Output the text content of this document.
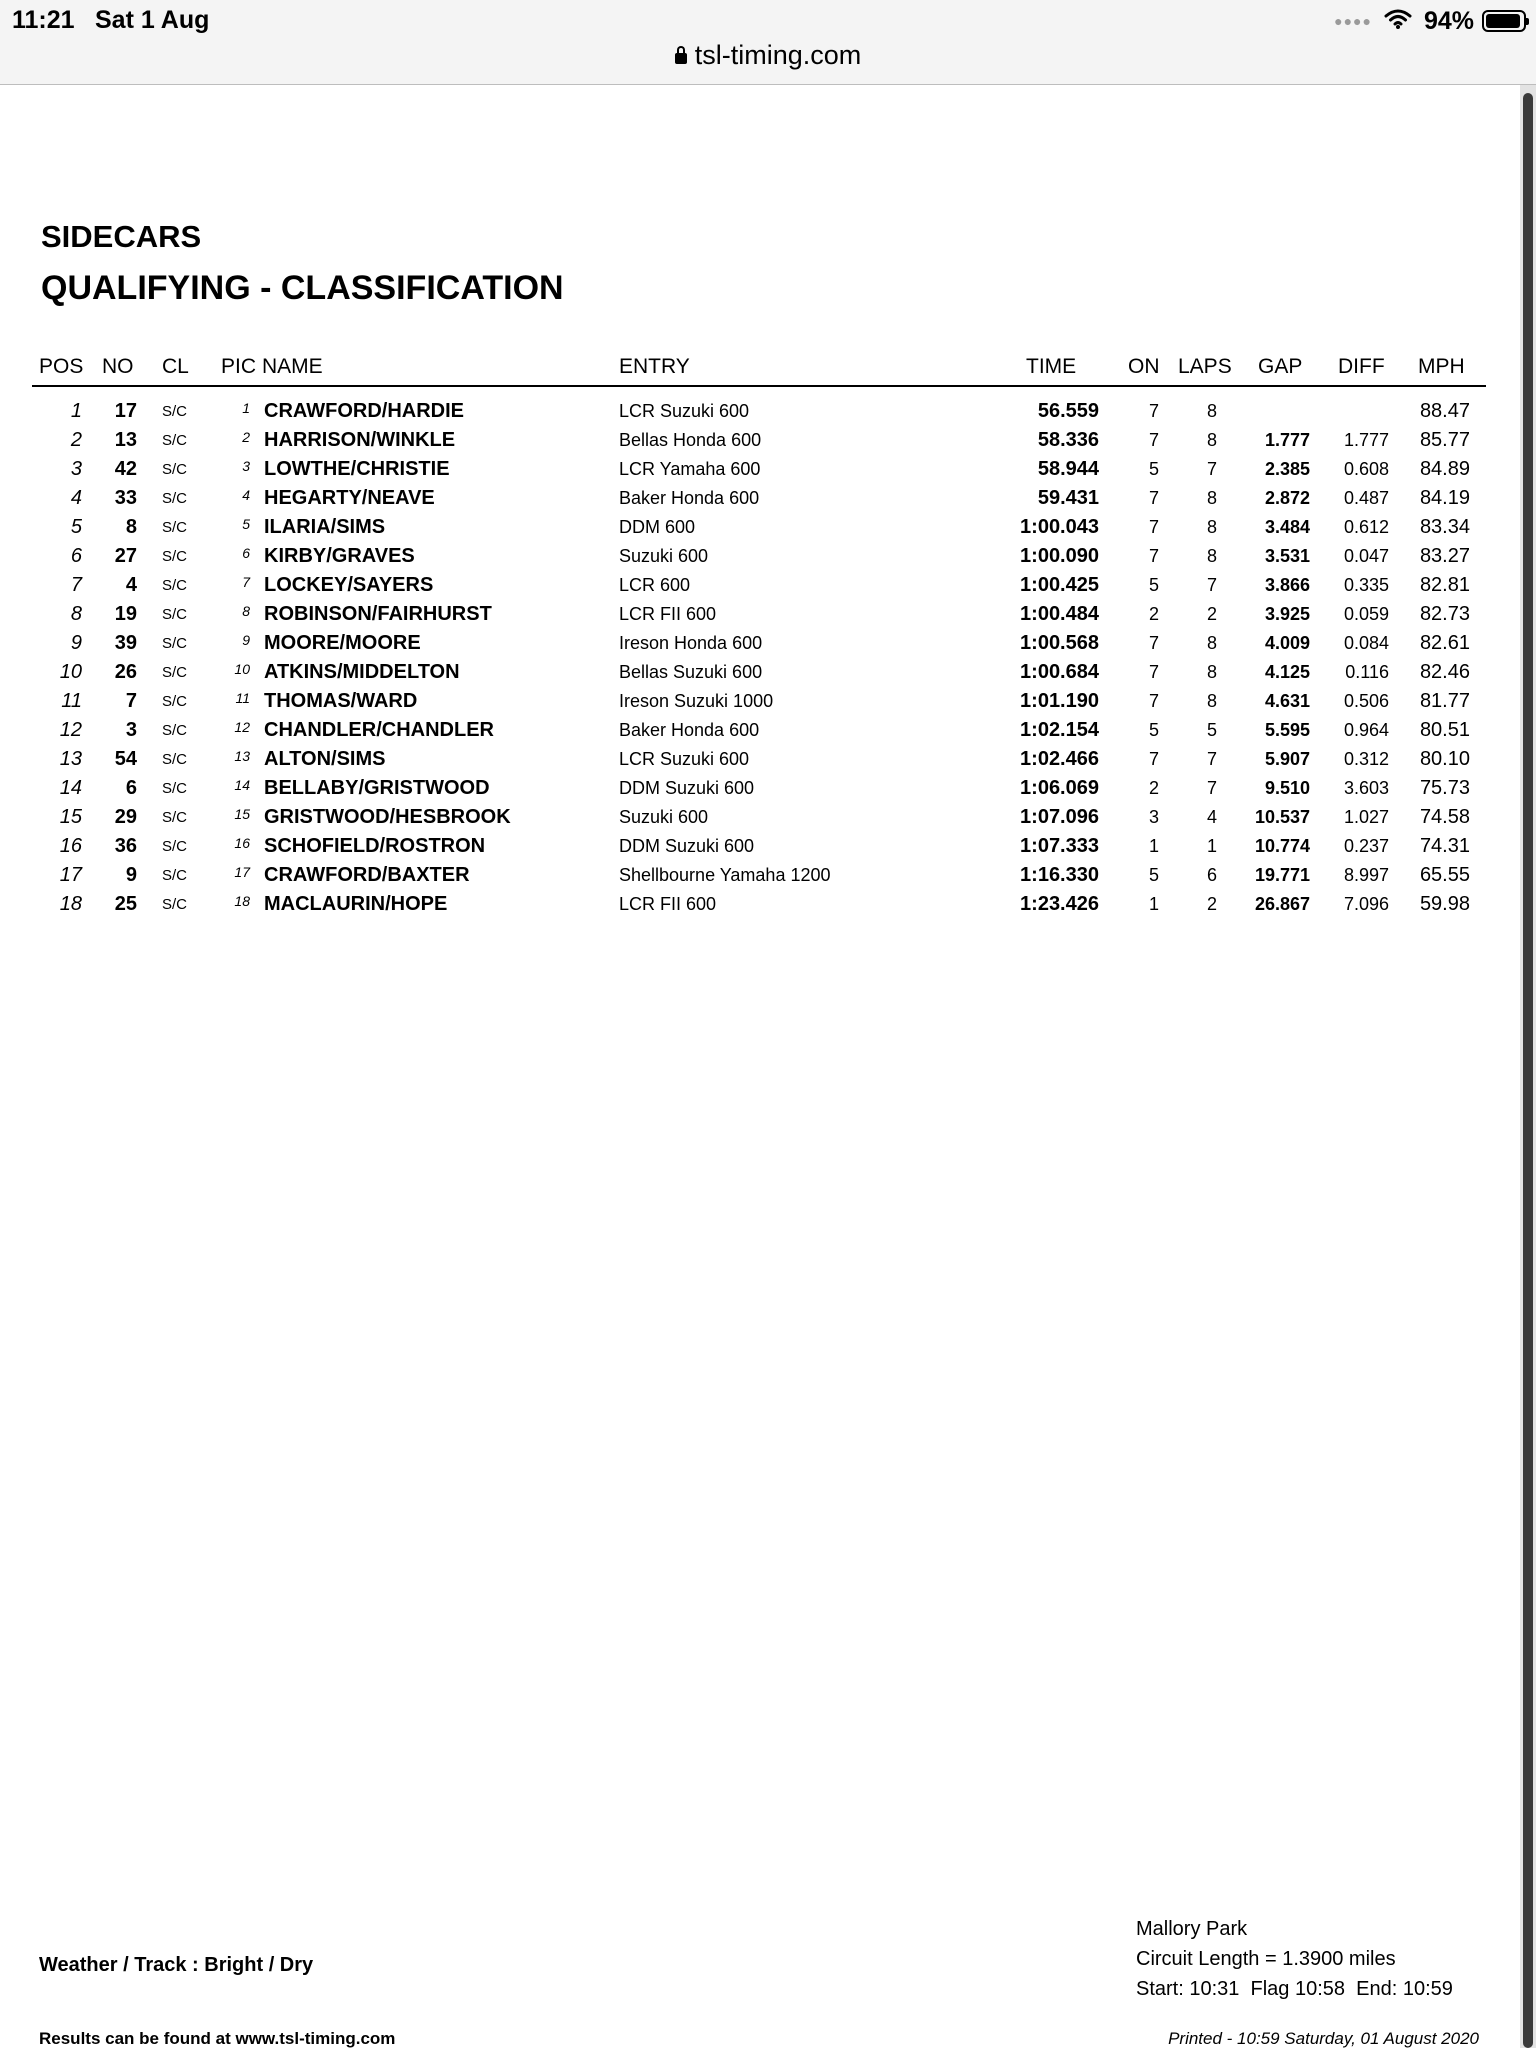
11:21 Sat 1 Aug	●●●● 94%
tsl-timing.com
SIDECARS
QUALIFYING - CLASSIFICATION
POS NO CL PIC NAME	ENTRY	TIME ON LAPS GAP DIFF MPH
1 17 S/C	1 CRAWFORD/HARDIE	LCR Suzuki 600	56.559	7	8	88.47
2 13 S/C	2 HARRISON/WINKLE	Bellas Honda 600	58.336	7	8	1.777 1.777 85.77
3 42 S/C	3 LOWTHE/CHRISTIE	LCR Yamaha 600	58.944	5	7	2.385 0.608 84.89
4 33 S/C	4 HEGARTY/NEAVE	Baker Honda 600	59.431	7	8	2.872 0.487 84.19
5 8 S/C	5 ILARIA/SIMS	DDM 600	1:00.043	7	8	3.484 0.612 83.34
6 27 S/C	6 KIRBY/GRAVES	Suzuki 600	1:00.090	7	8	3.531 0.047 83.27
7 4 S/C	7 LOCKEY/SAYERS	LCR 600	1:00.425	5	7	3.866 0.335 82.81
8 19 S/C	8 ROBINSON/FAIRHURST	LCR FII 600	1:00.484	2	2	3.925 0.059 82.73
9 39 S/C	9 MOORE/MOORE	Ireson Honda 600	1:00.568	7	8	4.009 0.084 82.61
10 26 S/C	10 ATKINS/MIDDELTON	Bellas Suzuki 600	1:00.684	7	8	4.125 0.116 82.46
11 7 S/C	11 THOMAS/WARD	Ireson Suzuki 1000	1:01.190	7	8	4.631 0.506 81.77
12 3 S/C	12 CHANDLER/CHANDLER	Baker Honda 600	1:02.154	5	5	5.595 0.964 80.51
13 54 S/C	13 ALTON/SIMS	LCR Suzuki 600	1:02.466	7	7	5.907 0.312 80.10
14 6 S/C	14 BELLABY/GRISTWOOD	DDM Suzuki 600	1:06.069	2	7	9.510 3.603 75.73
15 29 S/C	15 GRISTWOOD/HESBROOK	Suzuki 600	1:07.096	3	4 10.537 1.027 74.58
16 36 S/C	16 SCHOFIELD/ROSTRON	DDM Suzuki 600	1:07.333	1	1 10.774 0.237 74.31
17 9 S/C	17 CRAWFORD/BAXTER	Shellbourne Yamaha 1200	1:16.330	5	6 19.771 8.997 65.55
18 25 S/C	18 MACLAURIN/HOPE	LCR FII 600	1:23.426	1	2 26.867 7.096 59.98
Weather / Track : Bright / Dry
Mallory Park
Circuit Length = 1.3900 miles
Start: 10:31  Flag 10:58  End: 10:59
Results can be found at www.tsl-timing.com	Printed - 10:59 Saturday, 01 August 2020
